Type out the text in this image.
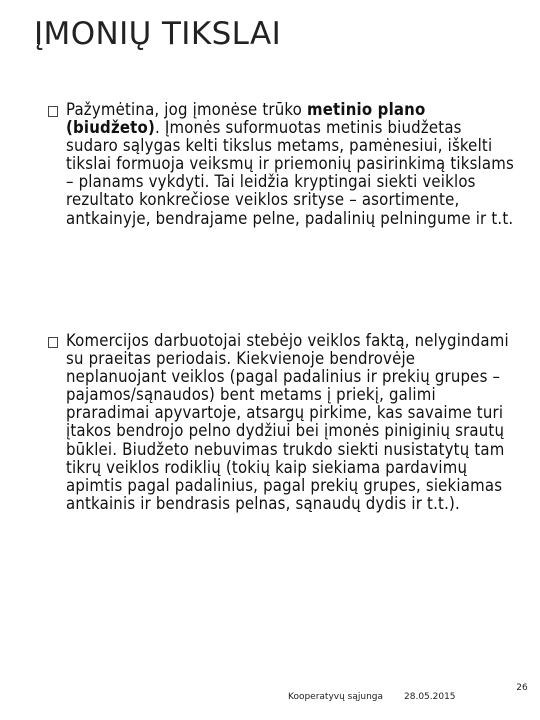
ĮMONIŲ TIKSLAI
Pažymėtina, jog įmonėse trūko metinio plano (biudžeto). Įmonės suformuotas metinis biudžetas sudaro sąlygas kelti tikslus metams, pamėnesiui, iškelti tikslai formuoja veiksmų ir priemonių pasirinkimą tikslams – planams vykdyti. Tai leidžia kryptingai siekti veiklos rezultato konkrečiose veiklos srityse – asortimente, antkainyje, bendrajame pelne, padalinių pelningume ir t.t.
Komercijos darbuotojai stebėjo veiklos faktą, nelygindami su praeitas periodais. Kiekvienoje bendrovėje neplanuojant veiklos (pagal padalinius ir prekių grupes – pajamos/sąnaudos) bent metams į priekį, galimi praradimai apyvartoje, atsargų pirkime, kas savaime turi įtakos bendrojo pelno dydžiui bei įmonės piniginių srautų būklei. Biudžeto nebuvimas trukdo siekti nusistatytų tam tikrų veiklos rodiklių (tokių kaip siekiama pardavimų apimtis pagal padalinius, pagal prekių grupes, siekiamas antkainis ir bendrasis pelnas, sąnaudų dydis ir t.t.).
Kooperatyvų sąjunga 28.05.2015
26
